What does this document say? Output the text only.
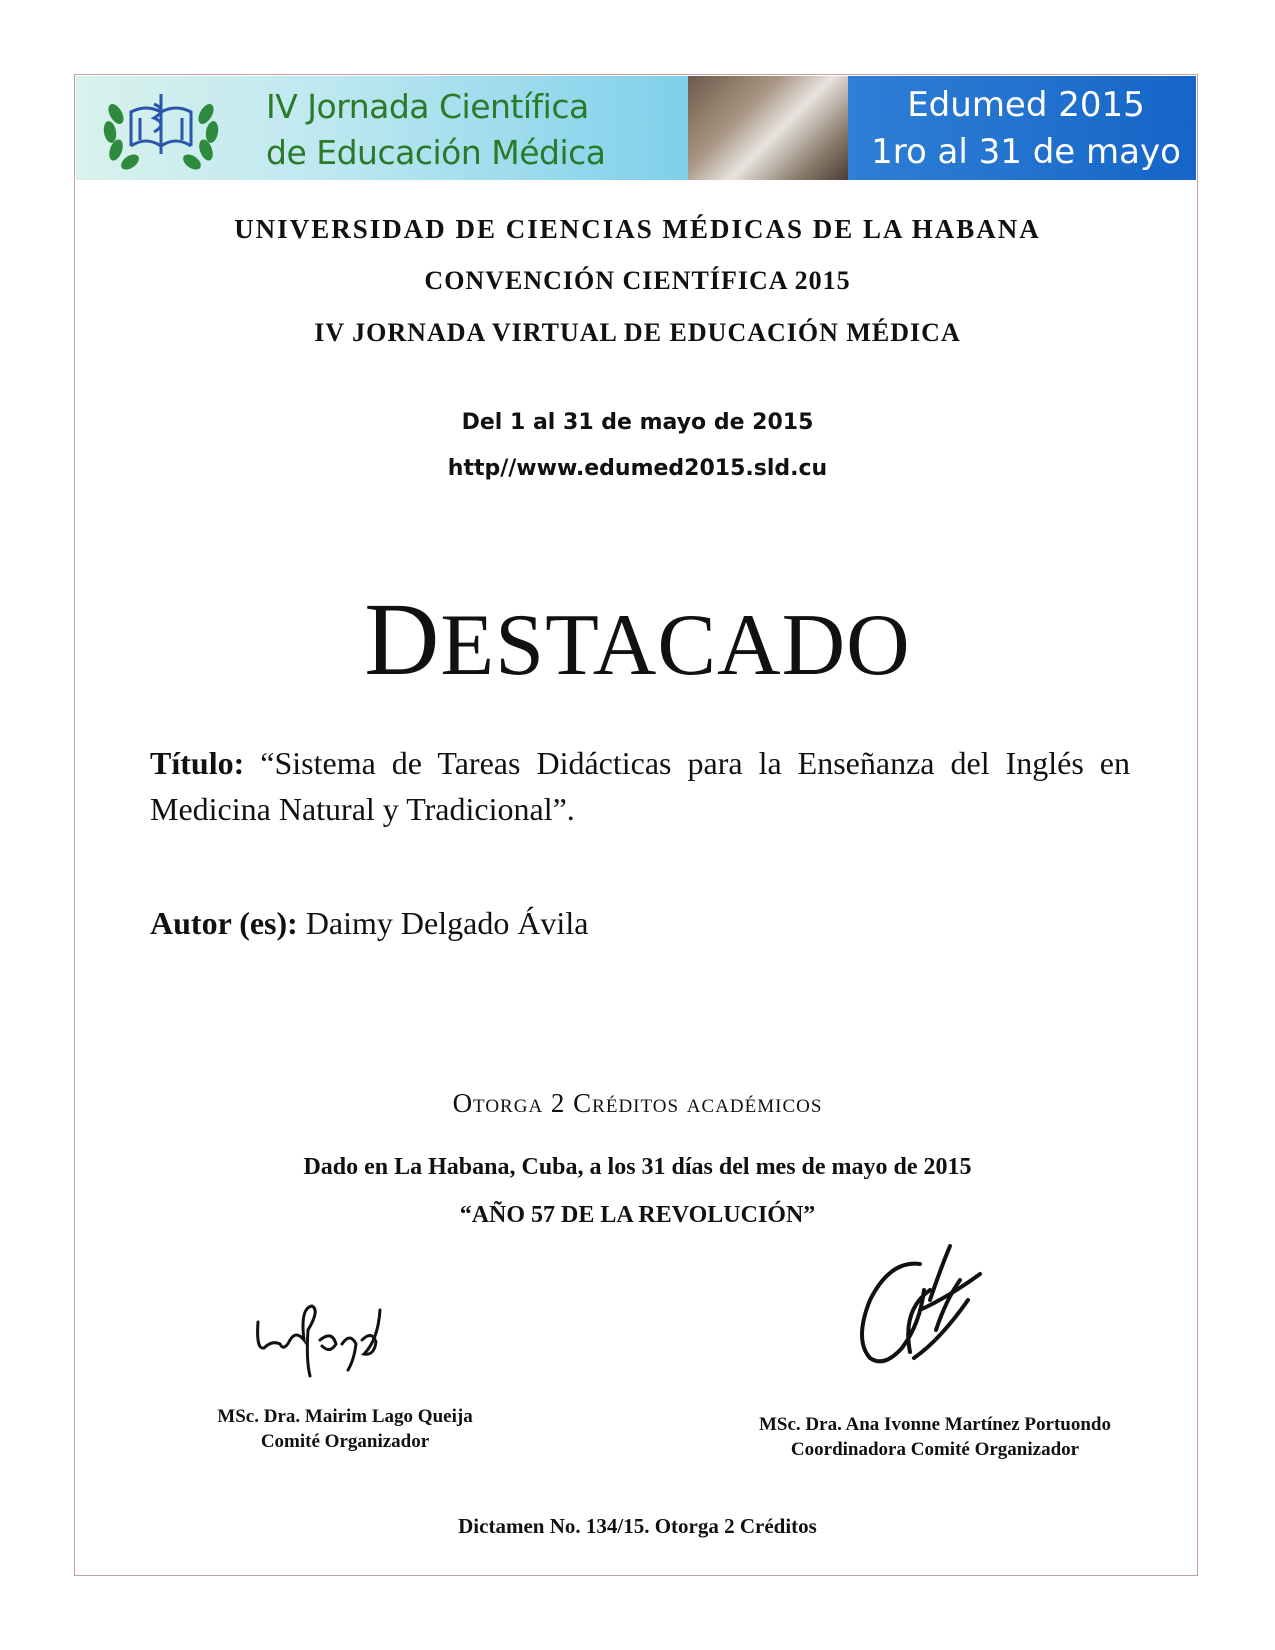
IV Jornada Científica
de Educación Médica
Edumed 2015
1ro al 31 de mayo
UNIVERSIDAD DE CIENCIAS MÉDICAS DE LA HABANA
CONVENCIÓN CIENTÍFICA 2015
IV JORNADA VIRTUAL DE EDUCACIÓN MÉDICA
Del 1 al 31 de mayo de 2015
http//www.edumed2015.sld.cu
DESTACADO
Título: “Sistema de Tareas Didácticas para la Enseñanza del Inglés en Medicina Natural y Tradicional”.
Autor (es): Daimy Delgado Ávila
Otorga 2 Créditos académicos
Dado en La Habana, Cuba, a los 31 días del mes de mayo de 2015
“AÑO 57 DE LA REVOLUCIÓN”
MSc. Dra. Mairim Lago Queija
Comité Organizador
MSc. Dra. Ana Ivonne Martínez Portuondo
Coordinadora Comité Organizador
Dictamen No. 134/15. Otorga 2 Créditos
